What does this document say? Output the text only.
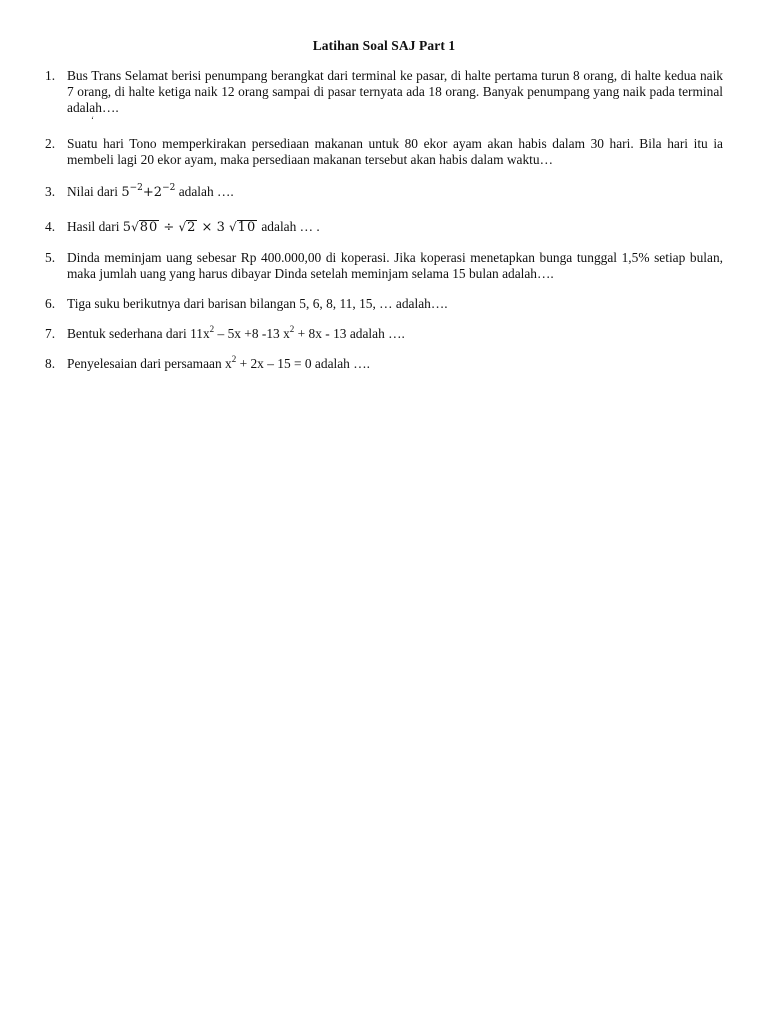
Latihan Soal SAJ Part 1
1. Bus Trans Selamat berisi penumpang berangkat dari terminal ke pasar, di halte pertama turun 8 orang, di halte kedua naik 7 orang, di halte ketiga naik 12 orang sampai di pasar ternyata ada 18 orang. Banyak penumpang yang naik pada terminal adalah….
‘
2. Suatu hari Tono memperkirakan persediaan makanan untuk 80 ekor ayam akan habis dalam 30 hari. Bila hari itu ia membeli lagi 20 ekor ayam, maka persediaan makanan tersebut akan habis dalam waktu…
3. Nilai dari $5^{-2}+2^{-2}$ adalah ….
4. Hasil dari 5√80 ÷ √2 × 3 √10 adalah … .
5. Dinda meminjam uang sebesar Rp 400.000,00 di koperasi. Jika koperasi menetapkan bunga tunggal 1,5% setiap bulan, maka jumlah uang yang harus dibayar Dinda setelah meminjam selama 15 bulan adalah….
6. Tiga suku berikutnya dari barisan bilangan 5, 6, 8, 11, 15, … adalah….
7. Bentuk sederhana dari $11x^2 - 5x +8$ -13 $x^2 + 8x - 13$ adalah ….
8. Penyelesaian dari persamaan $x^2 + 2x - 15 = 0$ adalah ….
